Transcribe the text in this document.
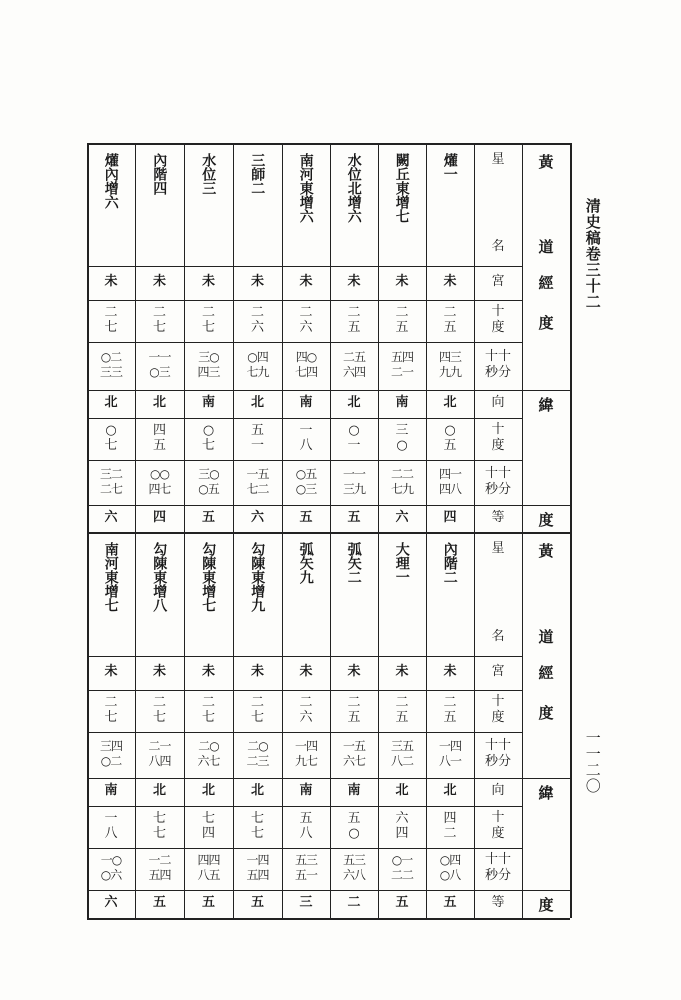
清史稿卷三十二
一一二〇
黃
道
經
度
緯
度
星
名
宮
十
度
十十
秒分
向
十
度
十十
秒分
等
爟一
未
二
五
四三
九九
北
○
五
四一
四八
四
闕丘東增七
未
二
五
五四
二一
南
三
○
二二
七九
六
水位北增六
未
二
五
二五
六四
北
○
一
一一
三九
五
南河東增六
未
二
六
四○
七四
南
一
八
○五
○三
五
三師二
未
二
六
○四
七九
北
五
一
一五
七二
六
水位三
未
二
七
三○
四三
南
○
七
三○
○五
五
內階四
未
二
七
一一
○三
北
四
五
○○
四七
四
爟內增六
未
二
七
○二
三三
北
○
七
三二
二七
六
黃
道
經
度
緯
度
星
名
宮
十
度
十十
秒分
向
十
度
十十
秒分
等
內階二
未
二
五
一四
八一
北
四
二
○四
○八
五
大理一
未
二
五
三五
八二
北
六
四
○一
二二
五
弧矢二
未
二
五
一五
六七
南
五
○
五三
六八
二
弧矢九
未
二
六
一四
九七
南
五
八
五三
五一
三
勾陳東增九
未
二
七
二○
二三
北
七
七
一四
五四
五
勾陳東增七
未
二
七
二○
六七
北
七
四
四四
八五
五
勾陳東增八
未
二
七
二一
八四
北
七
七
一二
五四
五
南河東增七
未
二
七
三四
○二
南
一
八
一○
○六
六
